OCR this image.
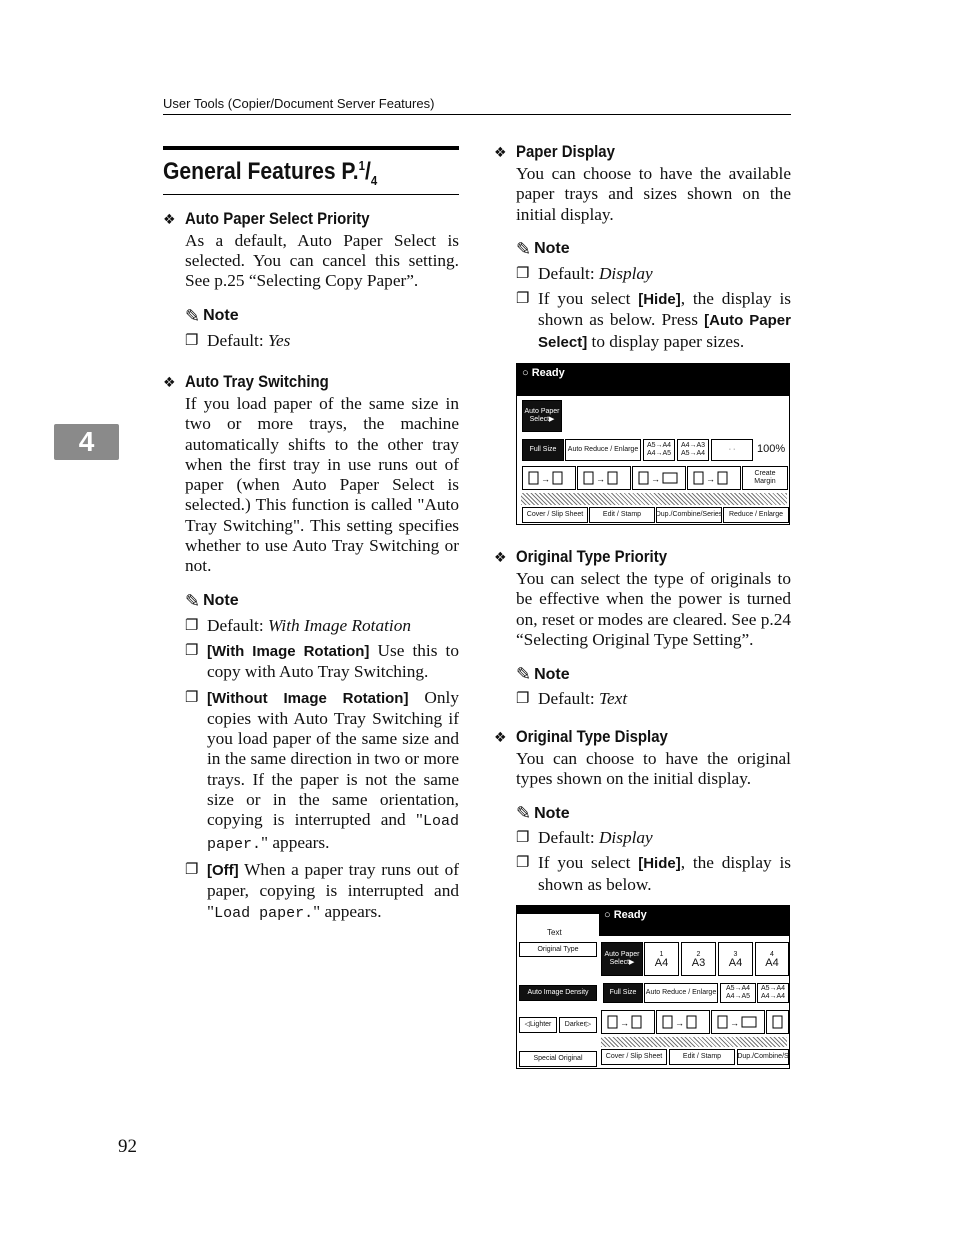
User Tools (Copier/Document Server Features)
4
92
General Features $P.^1/_4$
❖ Auto Paper Select Priority
As a default, Auto Paper Select is selected. You can cancel this setting. See p.25 “Selecting Copy Paper”.
✎ Note
❐ Default: Yes
❖ Auto Tray Switching
If you load paper of the same size in two or more trays, the machine automatically shifts to the other tray when the first tray in use runs out of paper (when Auto Paper Select is selected.) This function is called "Auto Tray Switching". This setting specifies whether to use Auto Tray Switching or not.
✎ Note
❐ Default: With Image Rotation
❐ [With Image Rotation] Use this to copy with Auto Tray Switching.
❐ [Without Image Rotation] Only copies with Auto Tray Switching if you load paper of the same size and in the same direction in two or more trays. If the paper is not the same size or in the same orientation, copying is interrupted and "Load paper." appears.
❐ [Off] When a paper tray runs out of paper, copying is interrupted and "Load paper." appears.
❖ Paper Display
You can choose to have the available paper trays and sizes shown on the initial display.
✎ Note
❐ Default: Display
❐ If you select [Hide], the display is shown as below. Press [Auto Paper Select] to display paper sizes.
○ Ready
Auto Paper Select▶
Full Size	Auto Reduce / Enlarge
A5→A4 A4→A5
A4→A3 A5→A4
· ·	100%
→	→	→	→
Create Margin
Cover / Slip Sheet	Edit / Stamp	Dup./Combine/Series Reduce / Enlarge
❖ Original Type Priority
You can select the type of originals to be effective when the power is turned on, reset or modes are cleared. See p.24 “Selecting Original Type Setting”.
✎ Note
❐ Default: Text
❖ Original Type Display
You can choose to have the original types shown on the initial display.
✎ Note
❐ Default: Display
❐ If you select [Hide], the display is shown as below.
○ Ready
Text
Original Type
Auto Paper Select▶
1
A4
2
A3
3
A4
4
A4
Auto Image Density	Full Size	Auto Reduce / Enlarge
A5→A4 A4→A5
A5→A4 A4→A4
◁Lighter	Darker▷	→	→	→
Special Original	Cover / Slip Sheet	Edit / Stamp	Dup./Combine/S
